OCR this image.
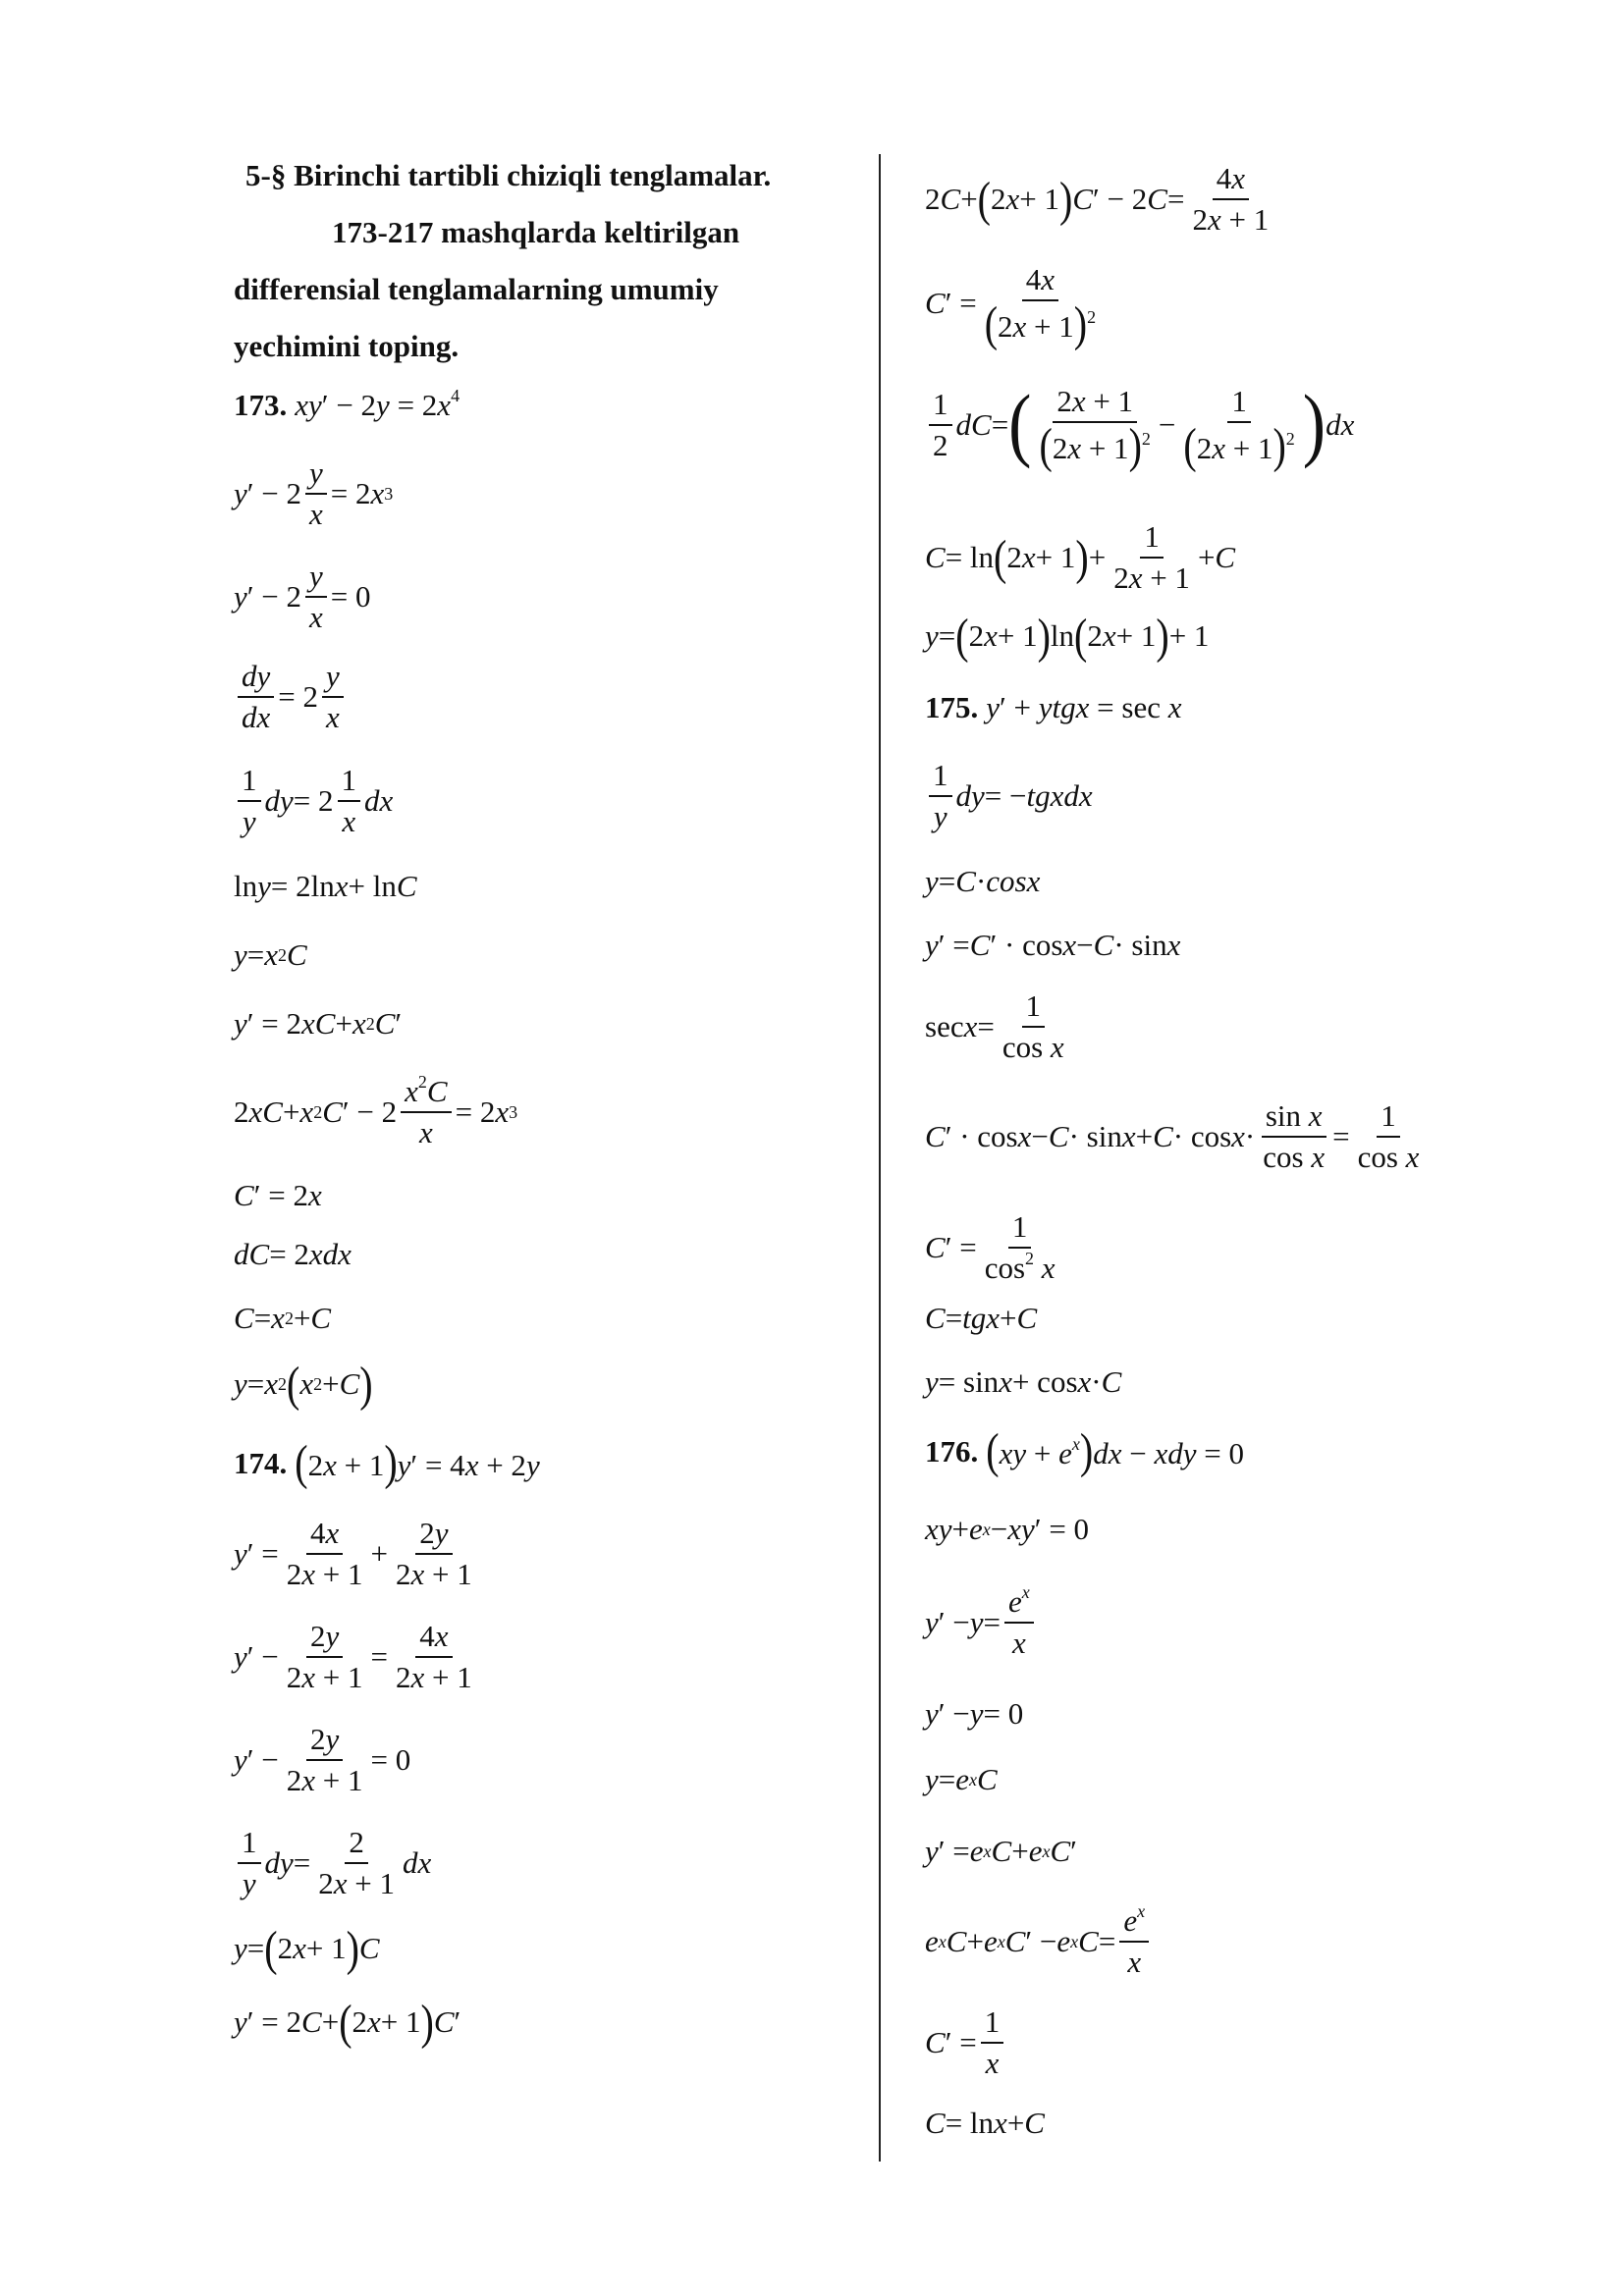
5-§ Birinchi tartibli chiziqli tenglamalar.

173-217 mashqlarda keltirilgan

differensial tenglamalarning umumiy

yechimini toping.

173. $xy' - 2y = 2x^4$
y ′ − $2 \frac{y}{x} = 2$ x 3
y ′ − $2 \frac{y}{x} = 0$
$\frac{dy}{dx} = 2 \frac{y}{x}$
$\frac{1}{y}$ dy = $2 \frac{1}{x}$ dx
ln y = 2ln x + ln C
y = x 2 C
y ′ = 2 xC + x 2 C ′
2 xC + x 2 C ′ − $2 \frac{x^2C}{x} = 2$ x 3
C ′ = 2 x
dC = 2 xdx
C = x 2 + C
y = x 2 ( x 2 + C )
174. (2x + 1)y′ = 4x + 2y
y ′ = $\frac{4x}{2x + 1} + \frac{2y}{2x + 1}$
y ′ − $\frac{2y}{2x + 1} = \frac{4x}{2x + 1}$
y ′ − $\frac{2y}{2x + 1} = 0$
$\frac{1}{y}$ dy = $\frac{2}{2x + 1}$ dx
y = ( 2 x + 1 ) C
y ′ = 2 C + ( 2 x + 1 ) C ′
2 C + ( 2 x + 1 ) C ′ − 2 $C = \frac{4x}{2x + 1}$
C ′ = $\frac{4x}{(2x + 1)^2}$
$\frac{1}{2}$ dC = ( $\frac{2x + 1}{(2x + 1)^2} - \frac{1}{(2x + 1)^2}$ ) dx
C = ln ( 2 x + 1 ) + $\frac{1}{2x + 1} + C$
y = ( 2 x + 1 ) ln ( 2 x + 1 ) + 1
175. y′ + ytgx = sec x
$\frac{1}{y}$ dy = − tgxdx
y = C · cosx
y ′ = C ′ · cos x − C · sin x
$\sec x = \frac{1}{\text{cos x}}$
C ′ · $\cos x - C \cdot \sin x + C \cdot \cos x \cdot \frac{\text{sin x}}{\text{cos x}} = \frac{1}{\text{cos x}}$
C ′ = $\frac{1}{\cos^2 x}$
C = tgx + C
y = sin x + cos x · C
176. $(xy + e^x)dx$ − xdy = 0
xy + e x − xy ′ = 0
y ′ − $y = \frac{e^x}{x}$
y ′ − y = 0
y = e x C
y ′ = e x C + e x C ′
e x C + e x C ′ − e x $C = \frac{e^x}{x}$
C ′ = $\frac{1}{x}$
C = ln x + C
